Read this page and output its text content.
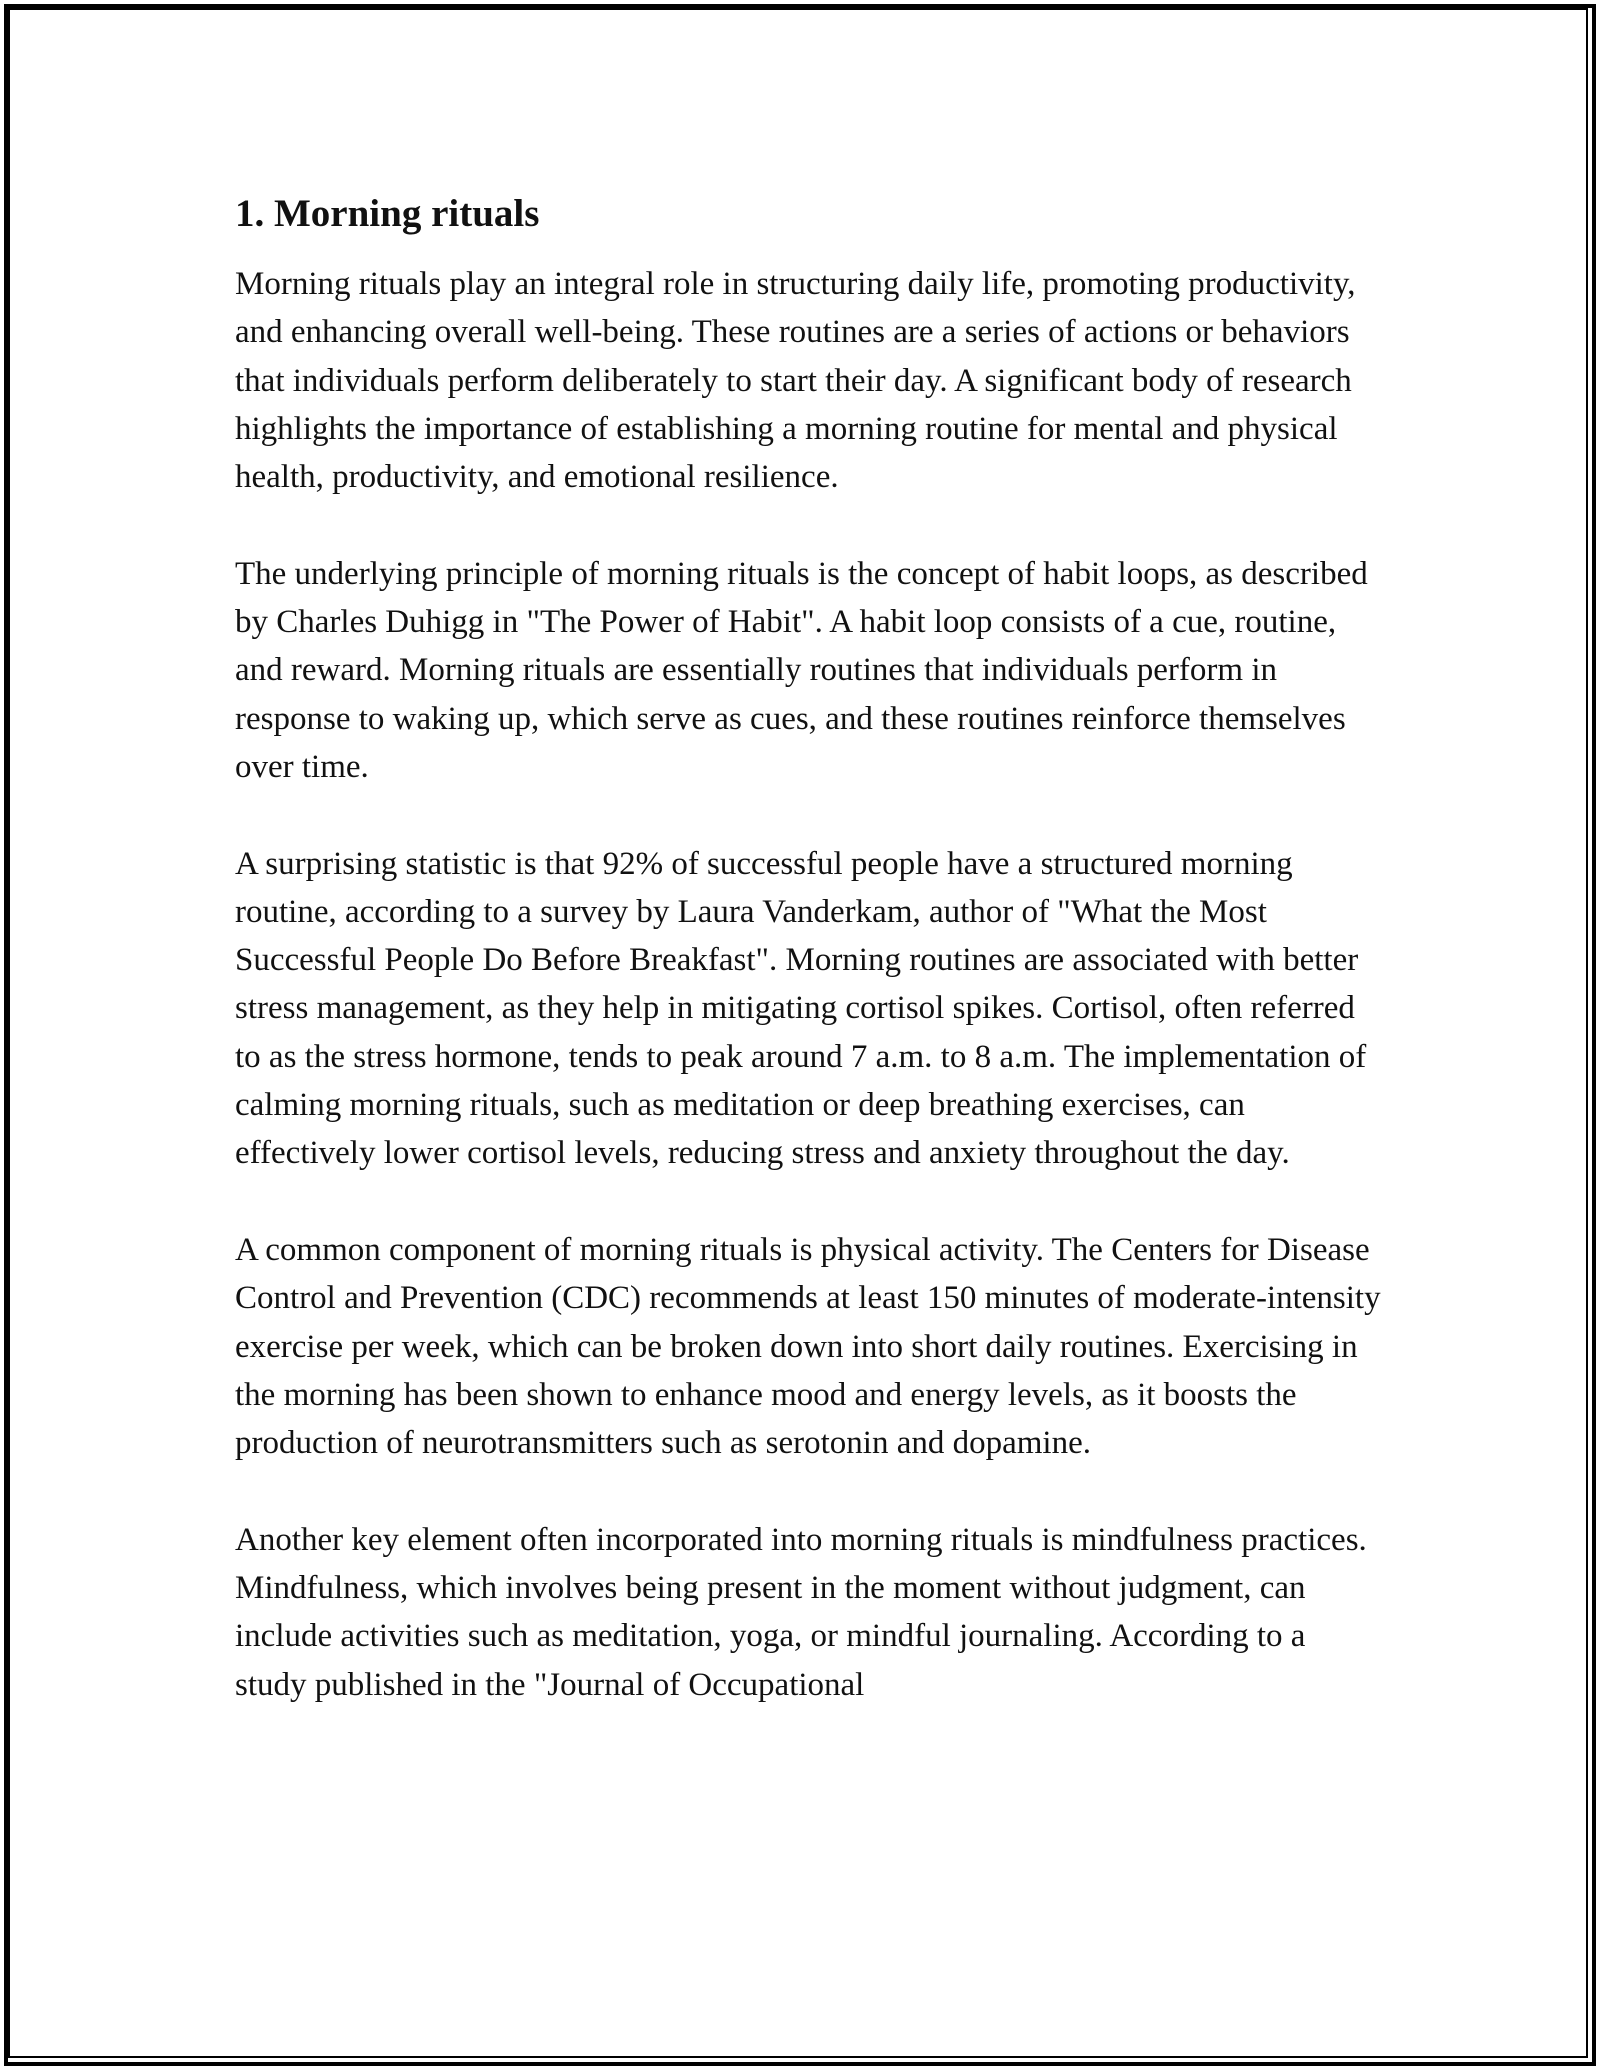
1. Morning rituals

Morning rituals play an integral role in structuring daily life, promoting productivity, and enhancing overall well-being. These routines are a series of actions or behaviors that individuals perform deliberately to start their day. A significant body of research highlights the importance of establishing a morning routine for mental and physical health, productivity, and emotional resilience.

The underlying principle of morning rituals is the concept of habit loops, as described by Charles Duhigg in "The Power of Habit". A habit loop consists of a cue, routine, and reward. Morning rituals are essentially routines that individuals perform in response to waking up, which serve as cues, and these routines reinforce themselves over time.

A surprising statistic is that 92% of successful people have a structured morning routine, according to a survey by Laura Vanderkam, author of "What the Most Successful People Do Before Breakfast". Morning routines are associated with better stress management, as they help in mitigating cortisol spikes. Cortisol, often referred to as the stress hormone, tends to peak around 7 a.m. to 8 a.m. The implementation of calming morning rituals, such as meditation or deep breathing exercises, can effectively lower cortisol levels, reducing stress and anxiety throughout the day.

A common component of morning rituals is physical activity. The Centers for Disease Control and Prevention (CDC) recommends at least 150 minutes of moderate-intensity exercise per week, which can be broken down into short daily routines. Exercising in the morning has been shown to enhance mood and energy levels, as it boosts the production of neurotransmitters such as serotonin and dopamine.

Another key element often incorporated into morning rituals is mindfulness practices. Mindfulness, which involves being present in the moment without judgment, can include activities such as meditation, yoga, or mindful journaling. According to a study published in the "Journal of Occupational
